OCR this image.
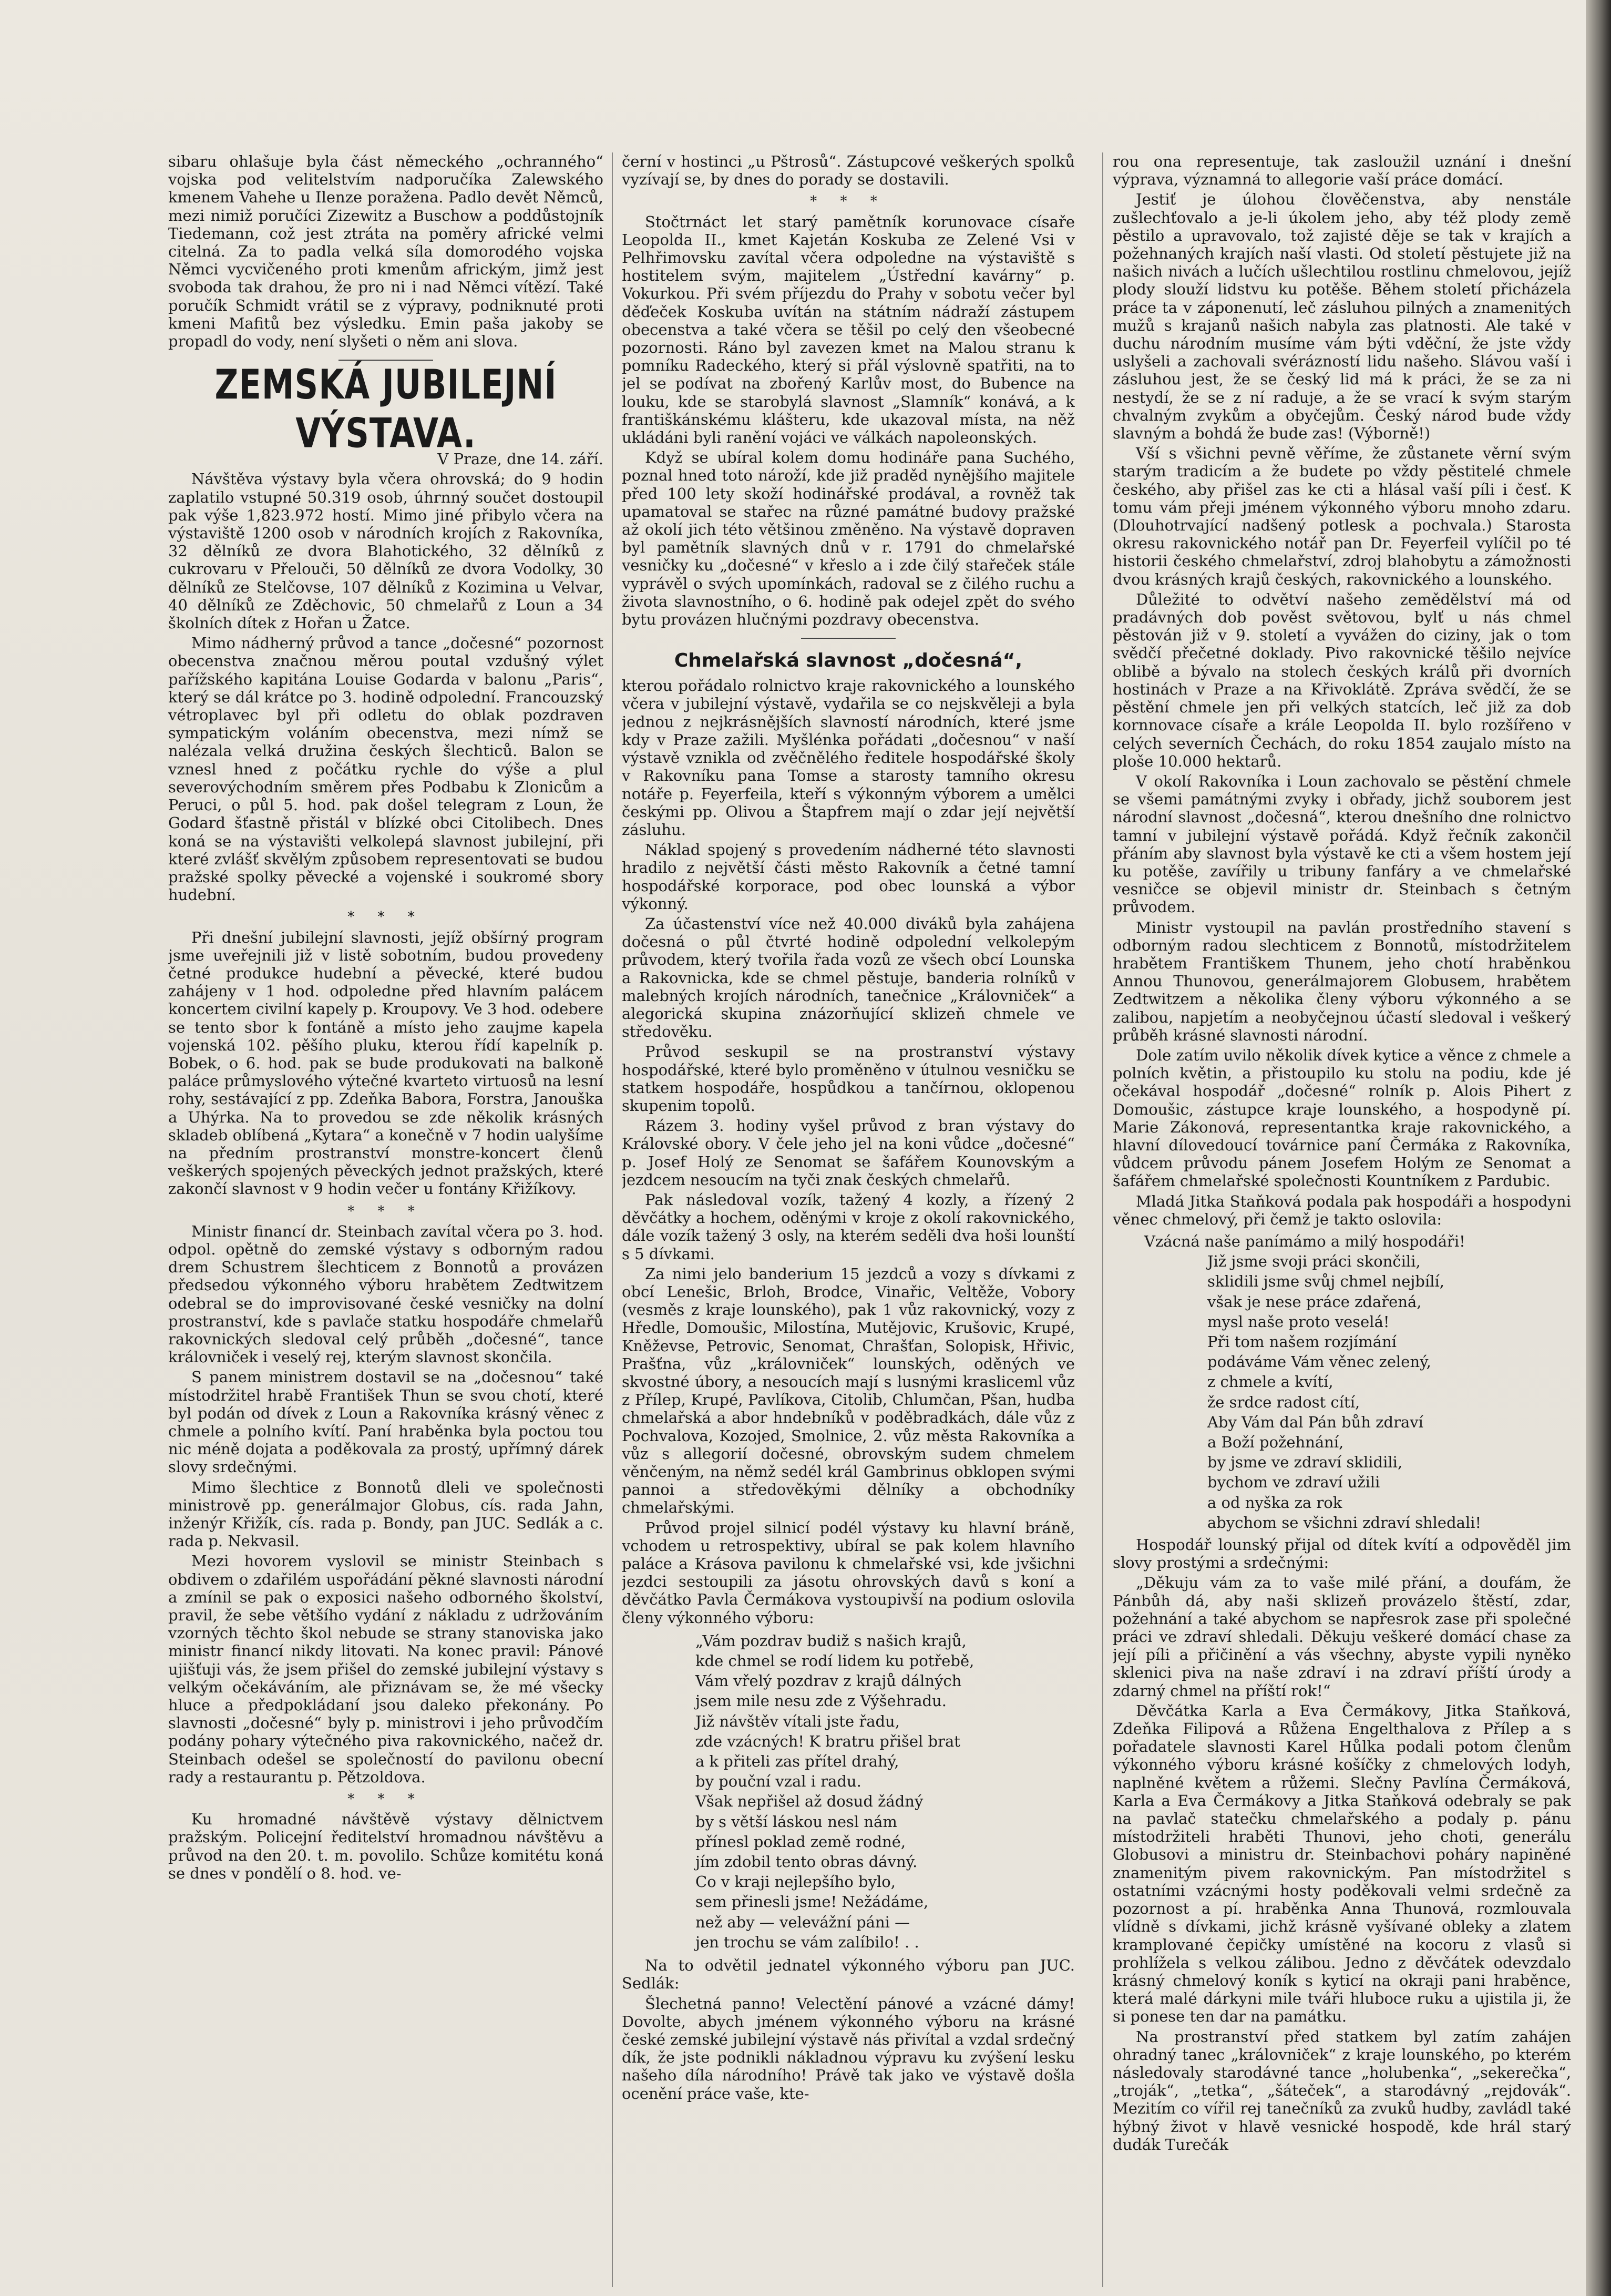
sibaru ohlašuje byla část německého „ochranného“ vojska pod velitelstvím nadporučíka Zalewského kmenem Vahehe u Ilenze poražena. Padlo devět Němců, mezi nimiž poručíci Zizewitz a Buschow a poddůstojník Tiedemann, což jest ztráta na poměry africké velmi citelná. Za to padla velká síla domorodého vojska Němci vycvičeného proti kmenům africkým, jimž jest svoboda tak drahou, že pro ni i nad Němci vítězí. Také poručík Schmidt vrátil se z výpravy, podniknuté proti kmeni Mafitů bez výsledku. Emin paša jakoby se propadl do vody, není slyšeti o něm ani slova.

ZEMSKÁ JUBILEJNÍ VÝSTAVA.

V Praze, dne 14. září.

Návštěva výstavy byla včera ohrovská; do 9 hodin zaplatilo vstupné 50.319 osob, úhrnný součet dostoupil pak výše 1,823.972 hostí. Mimo jiné přibylo včera na výstaviště 1200 osob v národních krojích z Rakovníka, 32 dělníků ze dvora Blahotického, 32 dělníků z cukrovaru v Přelouči, 50 dělníků ze dvora Vodolky, 30 dělníků ze Stelčovse, 107 dělníků z Kozimina u Velvar, 40 dělníků ze Zděchovic, 50 chmelařů z Loun a 34 školních dítek z Hořan u Žatce.

Mimo nádherný průvod a tance „dočesné“ pozornost obecenstva značnou měrou poutal vzdušný výlet pařížského kapitána Louise Godarda v balonu „Paris“, který se dál krátce po 3. hodině odpolední. Francouzský vétroplavec byl při odletu do oblak pozdraven sympatickým voláním obecenstva, mezi nímž se nalézala velká družina českých šlechticů. Balon se vznesl hned z počátku rychle do výše a plul severovýchodním směrem přes Podbabu k Zlonicům a Peruci, o půl 5. hod. pak došel telegram z Loun, že Godard šťastně přistál v blízké obci Citolibech. Dnes koná se na výstavišti velkolepá slavnost jubilejní, při které zvlášť skvělým způsobem representovati se budou pražské spolky pěvecké a vojenské i soukromé sbory hudební.

* * *

Při dnešní jubilejní slavnosti, jejíž obšírný program jsme uveřejnili již v listě sobotním, budou provedeny četné produkce hudební a pěvecké, které budou zahájeny v 1 hod. odpoledne před hlavním palácem koncertem civilní kapely p. Kroupovy. Ve 3 hod. odebere se tento sbor k fontáně a místo jeho zaujme kapela vojenská 102. pěšího pluku, kterou řídí kapelník p. Bobek, o 6. hod. pak se bude produkovati na balkoně paláce průmyslového výtečné kvarteto virtuosů na lesní rohy, sestávající z pp. Zdeňka Babora, Forstra, Janouška a Uhýrka. Na to provedou se zde několik krásných skladeb oblíbená „Kytara“ a konečně v 7 hodin ualyšíme na předním prostranství monstre-koncert členů veškerých spojených pěveckých jednot pražských, které zakončí slavnost v 9 hodin večer u fontány Křižíkovy.

* * *

Ministr financí dr. Steinbach zavítal včera po 3. hod. odpol. opětně do zemské výstavy s odborným radou drem Schustrem šlechticem z Bonnotů a provázen předsedou výkonného výboru hrabětem Zedtwitzem odebral se do improvisované české vesničky na dolní prostranství, kde s pavlače statku hospodáře chmelařů rakovnických sledoval celý průběh „dočesné“, tance královniček i veselý rej, kterým slavnost skončila.

S panem ministrem dostavil se na „dočesnou“ také místodržitel hrabě František Thun se svou chotí, které byl podán od dívek z Loun a Rakovníka krásný věnec z chmele a polního kvítí. Paní hraběnka byla poctou tou nic méně dojata a poděkovala za prostý, upřímný dárek slovy srdečnými.

Mimo šlechtice z Bonnotů dleli ve společnosti ministrově pp. generálmajor Globus, cís. rada Jahn, inženýr Křižík, cís. rada p. Bondy, pan JUC. Sedlák a c. rada p. Nekvasil.

Mezi hovorem vyslovil se ministr Steinbach s obdivem o zdařilém uspořádání pěkné slavnosti národní a zmínil se pak o exposici našeho odborného školství, pravil, že sebe většího vydání z nákladu z udržováním vzorných těchto škol nebude se strany stanoviska jako ministr financí nikdy litovati. Na konec pravil: Pánové ujišťuji vás, že jsem přišel do zemské jubilejní výstavy s velkým očekáváním, ale přiznávam se, že mé všecky hluce a předpokládaní jsou daleko překonány. Po slavnosti „dočesné“ byly p. ministrovi i jeho průvodčím podány pohary výtečného piva rakovnického, načež dr. Steinbach odešel se společností do pavilonu obecní rady a restaurantu p. Pětzoldova.

* * *

Ku hromadné návštěvě výstavy dělnictvem pražským. Policejní ředitelství hromadnou návštěvu a průvod na den 20. t. m. povolilo. Schůze komitétu koná se dnes v pondělí o 8. hod. ve-

černí v hostinci „u Pštrosů“. Zástupcové veškerých spolků vyzívají se, by dnes do porady se dostavili.

* * *

Stočtrnáct let starý pamětník korunovace císaře Leopolda II., kmet Kajetán Koskuba ze Zelené Vsi v Pelhřimovsku zavítal včera odpoledne na výstaviště s hostitelem svým, majitelem „Ústřední kavárny“ p. Vokurkou. Při svém příjezdu do Prahy v sobotu večer byl děďeček Koskuba uvítán na státním nádraží zástupem obecenstva a také včera se těšil po celý den všeobecné pozornosti. Ráno byl zavezen kmet na Malou stranu k pomníku Radeckého, který si přál výslovně spatřiti, na to jel se podívat na zbořený Karlův most, do Bubence na louku, kde se starobylá slavnost „Slamník“ konává, a k františkánskému klášteru, kde ukazoval místa, na něž ukládáni byli ranění vojáci ve válkách napoleonských.

Když se ubíral kolem domu hodináře pana Suchého, poznal hned toto nároží, kde již praděd nynějšího majitele před 100 lety skoží hodinářské prodával, a rovněž tak upamatoval se stařec na různé památné budovy pražské až okolí jich této většinou změněno. Na výstavě dopraven byl pamětník slavných dnů v r. 1791 do chmelařské vesničky ku „dočesné“ v křeslo a i zde čilý stařeček stále vyprávěl o svých upomínkách, radoval se z čilého ruchu a života slavnostního, o 6. hodině pak odejel zpět do svého bytu provázen hlučnými pozdravy obecenstva.

Chmelařská slavnost „dočesná“,

kterou pořádalo rolnictvo kraje rakovnického a lounského včera v jubilejní výstavě, vydařila se co nejskvěleji a byla jednou z nejkrásnějších slavností národních, které jsme kdy v Praze zažili. Myšlénka pořádati „dočesnou“ v naší výstavě vznikla od zvěčnělého ředitele hospodářské školy v Rakovníku pana Tomse a starosty tamního okresu notáře p. Feyerfeila, kteří s výkonným výborem a umělci českými pp. Olivou a Štapfrem mají o zdar její největší zásluhu.

Náklad spojený s provedením nádherné této slavnosti hradilo z největší části město Rakovník a četné tamní hospodářské korporace, pod obec lounská a výbor výkonný.

Za účastenství více než 40.000 diváků byla zahájena dočesná o půl čtvrté hodině odpolední velkolepým průvodem, který tvořila řada vozů ze všech obcí Lounska a Rakovnicka, kde se chmel pěstuje, banderia rolníků v malebných krojích národních, tanečnice „Královniček“ a alegorická skupina znázorňující sklizeň chmele ve středověku.

Průvod seskupil se na prostranství výstavy hospodářské, které bylo proměněno v útulnou vesničku se statkem hospodáře, hospůdkou a tančírnou, oklopenou skupenim topolů.

Rázem 3. hodiny vyšel průvod z bran výstavy do Královské obory. V čele jeho jel na koni vůdce „dočesné“ p. Josef Holý ze Senomat se šafářem Kounovským a jezdcem nesoucím na tyči znak českých chmelařů.

Pak následoval vozík, tažený 4 kozly, a řízený 2 děvčátky a hochem, oděnými v kroje z okolí rakovnického, dále vozík tažený 3 osly, na kterém seděli dva hoši lounští s 5 dívkami.

Za nimi jelo banderium 15 jezdců a vozy s dívkami z obcí Lenešic, Brloh, Brodce, Vinařic, Veltěže, Vobory (vesměs z kraje lounského), pak 1 vůz rakovnický, vozy z Hředle, Domoušic, Milostína, Mutějovic, Krušovic, Krupé, Kněževse, Petrovic, Senomat, Chrašťan, Solopisk, Hřivic, Prašťna, vůz „královniček“ lounských, oděných ve skvostné úbory, a nesoucích mají s lusnými krasliceml vůz z Přílep, Krupé, Pavlíkova, Citolib, Chlumčan, Pšan, hudba chmelařská a abor hndebníků v poděbradkách, dále vůz z Pochvalova, Kozojed, Smolnice, 2. vůz města Rakovníka a vůz s allegorií dočesné, obrovským sudem chmelem věnčeným, na němž sedél král Gambrinus obklopen svými pannoi a středověkými dělníky a obchodníky chmelařskými.

Průvod projel silnicí podél výstavy ku hlavní bráně, vchodem u retrospektivy, ubíral se pak kolem hlavního paláce a Krásova pavilonu k chmelařské vsi, kde jvšichni jezdci sestoupili za jásotu ohrovských davů s koní a děvčátko Pavla Čermákova vystoupivší na podium oslovila členy výkonného výboru:

„Vám pozdrav budiž s našich krajů,

kde chmel se rodí lidem ku potřebě,

Vám vřelý pozdrav z krajů dálných

jsem mile nesu zde z Výšehradu.

Již návštěv vítali jste řadu,

zde vzácných! K bratru přišel brat

a k přiteli zas přítel drahý,

by pouční vzal i radu.

Však nepřišel až dosud žádný

by s větší láskou nesl nám

přínesl poklad země rodné,

jím zdobil tento obras dávný.

Co v kraji nejlepšího bylo,

sem přinesli jsme! Nežádáme,

než aby — velevážní páni —

jen trochu se vám zalíbilo! . .

Na to odvětil jednatel výkonného výboru pan JUC. Sedlák:

Šlechetná panno! Velectění pánové a vzácné dámy! Dovolte, abych jménem výkonného výboru na krásné české zemské jubilejní výstavě nás přivítal a vzdal srdečný dík, že jste podnikli nákladnou výpravu ku zvýšení lesku našeho díla národního! Právě tak jako ve výstavě došla ocenění práce vaše, kte-

rou ona representuje, tak zasloužil uznání i dnešní výprava, významná to allegorie vaší práce domácí.

Jestiť je úlohou člověčenstva, aby nenstále zušlechťovalo a je-li úkolem jeho, aby též plody země pěstilo a upravovalo, tož zajisté děje se tak v krajích a požehnaných krajích naší vlasti. Od století pěstujete již na našich nivách a lučích ušlechtilou rostlinu chmelovou, jejíž plody slouží lidstvu ku potěše. Během století přicházela práce ta v záponenutí, leč zásluhou pilných a znamenitých mužů s krajanů našich nabyla zas platnosti. Ale také v duchu národním musíme vám býti vděční, že jste vždy uslyšeli a zachovali svérázností lidu našeho. Slávou vaší i zásluhou jest, že se český lid má k práci, že se za ni nestydí, že se z ní raduje, a že se vrací k svým starým chvalným zvykům a obyčejům. Český národ bude vždy slavným a bohdá že bude zas! (Výborně!)

Vší s všichni pevně věříme, že zůstanete věrní svým starým tradicím a že budete po vždy pěstitelé chmele českého, aby přišel zas ke cti a hlásal vaší píli i česť. K tomu vám přeji jménem výkonného výboru mnoho zdaru. (Dlouhotrvající nadšený potlesk a pochvala.) Starosta okresu rakovnického notář pan Dr. Feyerfeil vylíčil po té historii českého chmelařství, zdroj blahobytu a zámožnosti dvou krásných krajů českých, rakovnického a lounského.

Důležité to odvětví našeho zemědělství má od pradávných dob pověst světovou, bylť u nás chmel pěstován již v 9. století a vyvážen do ciziny, jak o tom svědčí přečetné doklady. Pivo rakovnické těšilo nejvíce oblibě a bývalo na stolech českých králů při dvorních hostinách v Praze a na Křivoklátě. Zpráva svědčí, že se pěstění chmele jen při velkých statcích, leč již za dob kornnovace císaře a krále Leopolda II. bylo rozšířeno v celých severních Čechách, do roku 1854 zaujalo místo na ploše 10.000 hektarů.

V okolí Rakovníka i Loun zachovalo se pěstění chmele se všemi památnými zvyky i obřady, jichž souborem jest národní slavnost „dočesná“, kterou dnešního dne rolnictvo tamní v jubilejní výstavě pořádá. Když řečník zakončil přáním aby slavnost byla výstavě ke cti a všem hostem její ku potěše, zavířily u tribuny fanfáry a ve chmelařské vesničce se objevil ministr dr. Steinbach s četným průvodem.

Ministr vystoupil na pavlán prostředního stavení s odborným radou slechticem z Bonnotů, místodržitelem hrabětem Františkem Thunem, jeho chotí hraběnkou Annou Thunovou, generálmajorem Globusem, hrabětem Zedtwitzem a několika členy výboru výkonného a se zalibou, napjetím a neobyčejnou účastí sledoval i veškerý průběh krásné slavnosti národní.

Dole zatím uvilo několik dívek kytice a věnce z chmele a polních květin, a přistoupilo ku stolu na podiu, kde jé očekával hospodář „dočesné“ rolník p. Alois Pihert z Domoušic, zástupce kraje lounského, a hospodyně pí. Marie Zákonová, representantka kraje rakovnického, a hlavní dílovedoucí továrnice paní Čermáka z Rakovníka, vůdcem průvodu pánem Josefem Holým ze Senomat a šafářem chmelařské společnosti Kountníkem z Pardubic.

Mladá Jitka Staňková podala pak hospodáři a hospodyni věnec chmelový, při čemž je takto oslovila:

Vzácná naše panímámo a milý hospodáři!

Již jsme svoji práci skončili,

sklidili jsme svůj chmel nejbílí,

však je nese práce zdařená,

mysl naše proto veselá!

Při tom našem rozjímání

podáváme Vám věnec zelený,

z chmele a kvítí,

že srdce radost cítí,

Aby Vám dal Pán bůh zdraví

a Boží požehnání,

by jsme ve zdraví sklidili,

bychom ve zdraví užili

a od nyška za rok

abychom se všichni zdraví shledali!

Hospodář lounský přijal od dítek kvítí a odpověděl jim slovy prostými a srdečnými:

„Děkuju vám za to vaše milé přání, a doufám, že Pánbůh dá, aby naši sklizeň provázelo štěstí, zdar, požehnání a také abychom se napřesrok zase při společné práci ve zdraví shledali. Děkuju veškeré domácí chase za její píli a přičinění a vás všechny, abyste vypili nyněko sklenici piva na naše zdraví i na zdraví příští úrody a zdarný chmel na příští rok!“

Děvčátka Karla a Eva Čermákovy, Jitka Staňková, Zdeňka Filipová a Růžena Engelthalova z Přílep a s pořadatele slavnosti Karel Hůlka podali potom členům výkonného výboru krásné košíčky z chmelových lodyh, naplněné květem a růžemi. Slečny Pavlína Čermáková, Karla a Eva Čermákovy a Jitka Staňková odebraly se pak na pavlač statečku chmelařského a podaly p. pánu místodržiteli hraběti Thunovi, jeho choti, generálu Globusovi a ministru dr. Steinbachovi poháry napiněné znamenitým pivem rakovnickým. Pan místodržitel s ostatními vzácnými hosty poděkovali velmi srdečně za pozornost a pí. hraběnka Anna Thunová, rozmlouvala vlídně s dívkami, jichž krásně vyšívané obleky a zlatem kramplované čepičky umístěné na kocoru z vlasů si prohlížela s velkou zálibou. Jedno z děvčátek odevzdalo krásný chmelový koník s kyticí na okraji pani hraběnce, která malé dárkyni mile tváři hluboce ruku a ujistila ji, že si ponese ten dar na památku.

Na prostranství před statkem byl zatím zahájen ohradný tanec „královniček“ z kraje lounského, po kterém následovaly starodávné tance „holubenka“, „sekerečka“, „troják“, „tetka“, „šáteček“, a starodávný „rejdovák“. Mezitím co vířil rej tanečníků za zvuků hudby, zavládl také hýbný život v hlavě vesnické hospodě, kde hrál starý dudák Turečák
